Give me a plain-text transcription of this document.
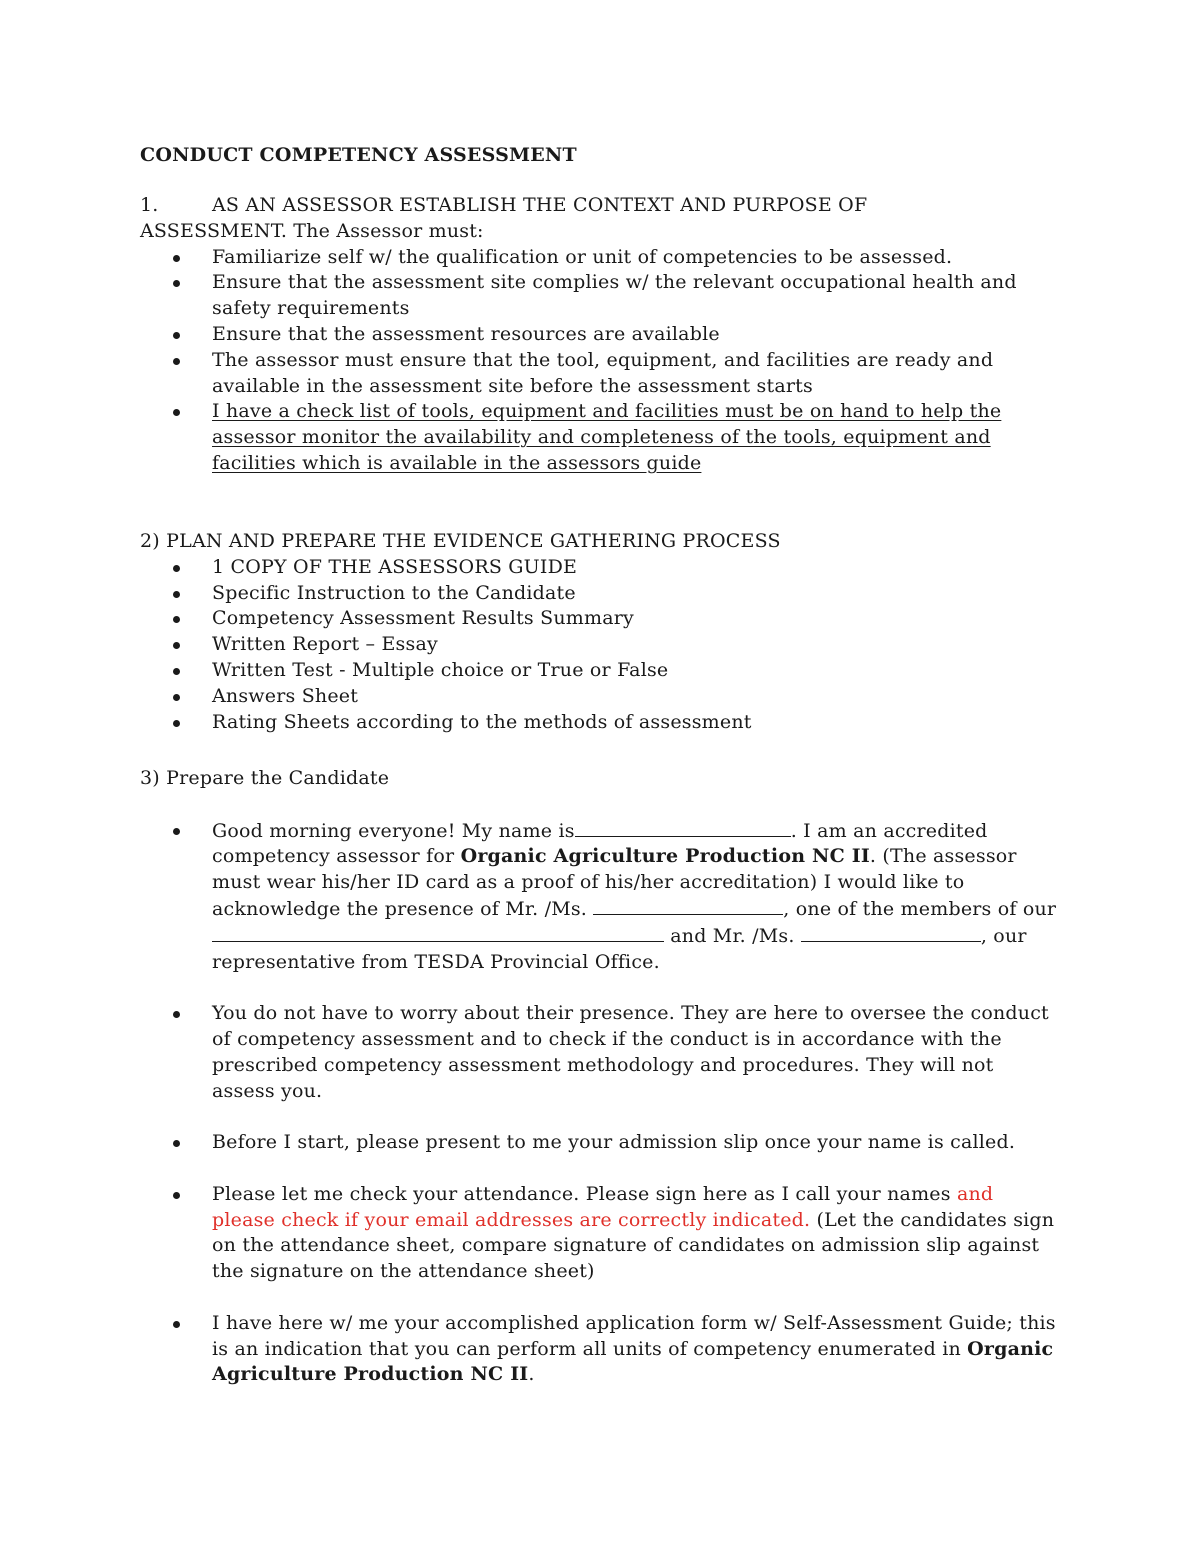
CONDUCT COMPETENCY ASSESSMENT
1.	AS AN ASSESSOR ESTABLISH THE CONTEXT AND PURPOSE OF
ASSESSMENT. The Assessor must:
Familiarize self w/ the qualification or unit of competencies to be assessed.
Ensure that the assessment site complies w/ the relevant occupational health and safety requirements
Ensure that the assessment resources are available
The assessor must ensure that the tool, equipment, and facilities are ready and available in the assessment site before the assessment starts
I have a check list of tools, equipment and facilities must be on hand to help the assessor monitor the availability and completeness of the tools, equipment and facilities which is available in the assessors guide
2) PLAN AND PREPARE THE EVIDENCE GATHERING PROCESS
1 COPY OF THE ASSESSORS GUIDE
Specific Instruction to the Candidate
Competency Assessment Results Summary
Written Report – Essay
Written Test - Multiple choice or True or False
Answers Sheet
Rating Sheets according to the methods of assessment
3) Prepare the Candidate
Good morning everyone! My name is	. I am an accredited competency assessor for Organic Agriculture Production NC II. (The assessor must wear his/her ID card as a proof of his/her accreditation) I would like to acknowledge the presence of Mr. /Ms.	, one of the members of our  and Mr. /Ms.	, our representative from TESDA Provincial Office.
You do not have to worry about their presence. They are here to oversee the conduct of competency assessment and to check if the conduct is in accordance with the prescribed competency assessment methodology and procedures. They will not assess you.
Before I start, please present to me your admission slip once your name is called.
Please let me check your attendance. Please sign here as I call your names and please check if your email addresses are correctly indicated. (Let the candidates sign on the attendance sheet, compare signature of candidates on admission slip against the signature on the attendance sheet)
I have here w/ me your accomplished application form w/ Self-Assessment Guide; this is an indication that you can perform all units of competency enumerated in Organic Agriculture Production NC II.
